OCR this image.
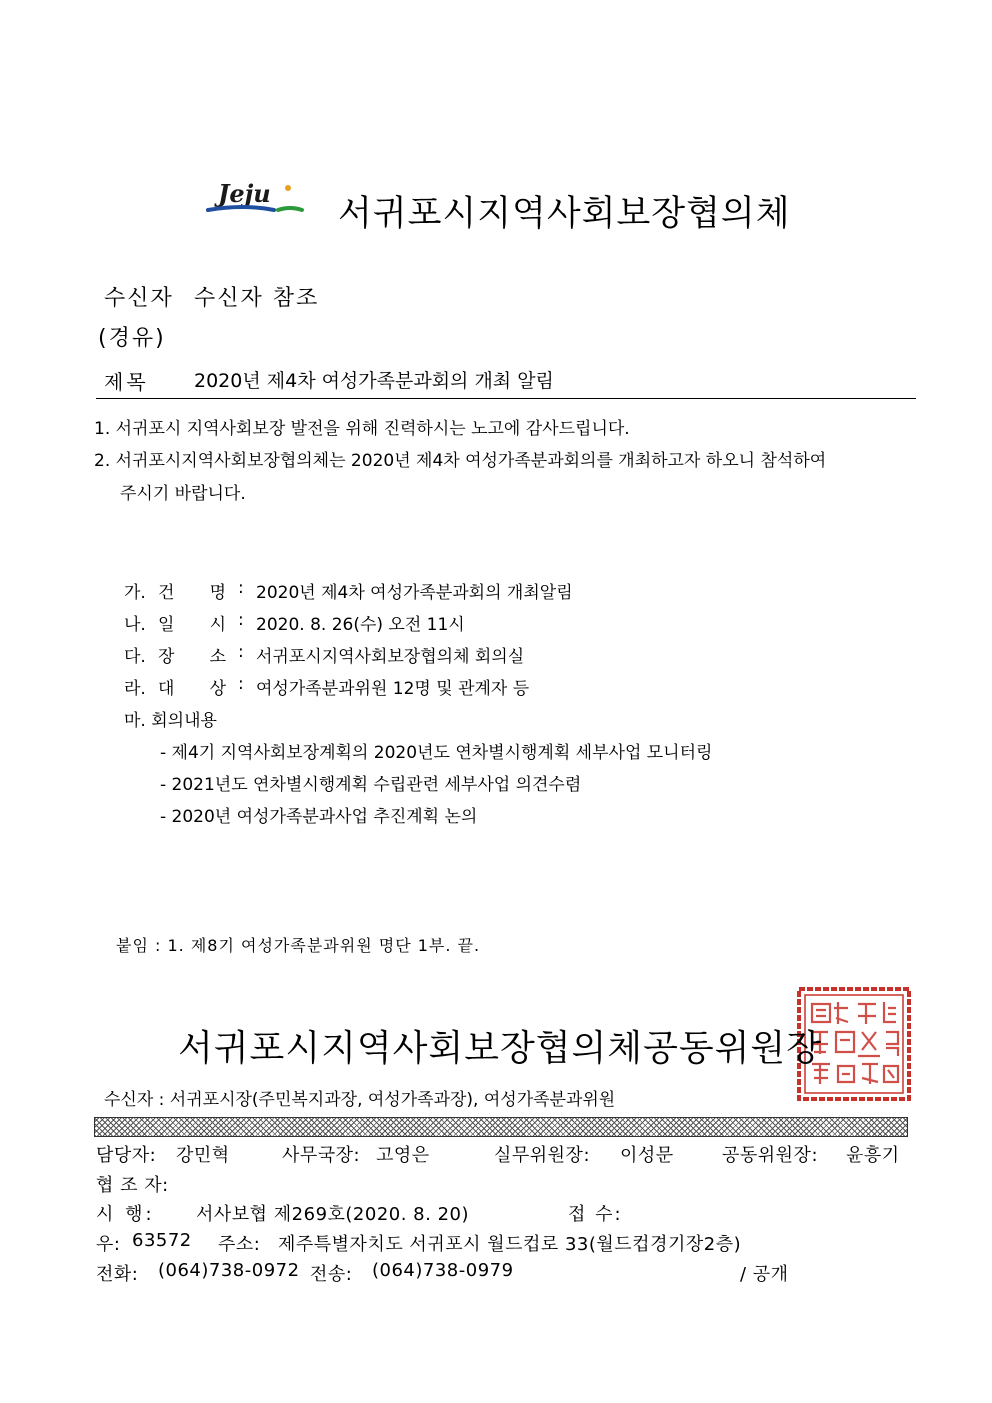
Jeju
서귀포시지역사회보장협의체
수신자 수신자 참조
(경유)
제목 2020년 제4차 여성가족분과회의 개최 알림
1. 서귀포시 지역사회보장 발전을 위해 진력하시는 노고에 감사드립니다.
2. 서귀포시지역사회보장협의체는 2020년 제4차 여성가족분과회의를 개최하고자 하오니 참석하여
주시기 바랍니다.
가. 건 명 : 2020년 제4차 여성가족분과회의 개최알림
나. 일 시 : 2020. 8. 26(수) 오전 11시
다. 장 소 : 서귀포시지역사회보장협의체 회의실
라. 대 상 : 여성가족분과위원 12명 및 관계자 등
마. 회의내용
- 제4기 지역사회보장계획의 2020년도 연차별시행계획 세부사업 모니터링
- 2021년도 연차별시행계획 수립관련 세부사업 의견수렴
- 2020년 여성가족분과사업 추진계획 논의
붙임 : 1. 제8기 여성가족분과위원 명단 1부. 끝.
서귀포시지역사회보장협의체공동위원장인
서귀포시지역사회보장협의체공동위원장
수신자 : 서귀포시장(주민복지과장, 여성가족과장), 여성가족분과위원
담당자: 강민혁	사무국장: 고영은	실무위원장: 이성문	공동위원장: 윤흥기
협 조 자:
시 행: 서사보협 제269호(2020. 8. 20)	접 수:
우: 63572 주소: 제주특별자치도 서귀포시 월드컵로 33(월드컵경기장2층)
전화: (064)738-0972 전송: (064)738-0979	/ 공개
